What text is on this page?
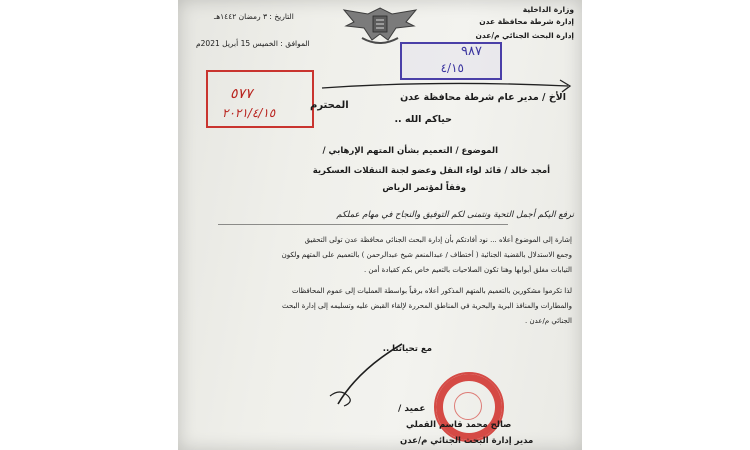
وزارة الداخلية
إدارة شرطة محافظة عدن
إدارة البحث الجنائي م/عدن
التاريخ : ٣ رمضان ١٤٤٢هـ
الموافق : الخميس 15 أبريل 2021م
٩٨٧
٤/١٥
٥٧٧
٢٠٢١/٤/١٥
المحترم
الأخ / مدير عام شرطة محافظة عدن
حياكم الله ..
الموضوع / التعميم بشأن المتهم الإرهابي /
أمجد خالد / قائد لواء النقل وعضو لجنة التنقلات العسكرية
وفقاً لمؤتمر الرياض
نرفع اليكم أجمل التحية ونتمنى لكم التوفيق والنجاح في مهام عملكم
إشارة إلى الموضوع أعلاه ... نود أفادتكم بأن إدارة البحث الجنائي محافظة عدن تولى التحقيق
وجمع الاستدلال بالقضية الجنائية ( أختطاف / عبدالمنعم شيخ عبدالرحمن ) بالتعميم على المتهم ولكون
التيابات مغلق أبوابها وهنا تكون الصلاحيات بالتعيم خاص بكم كقيادة أمن .
لذا تكرموا مشكورين بالتعميم بالمتهم المذكور أعلاه برقياً بواسطة العمليات إلى عموم المحافظات
والمطارات والمنافذ البرية والبحرية في المناطق المحررة لإلقاء القبض عليه وتسليمه إلى إدارة البحث
الجنائي م/عدن .
مع تحياتنا ..
عميد /
صالح محمد قاسم القملي
مدير إدارة البحث الجنائي م/عدن
